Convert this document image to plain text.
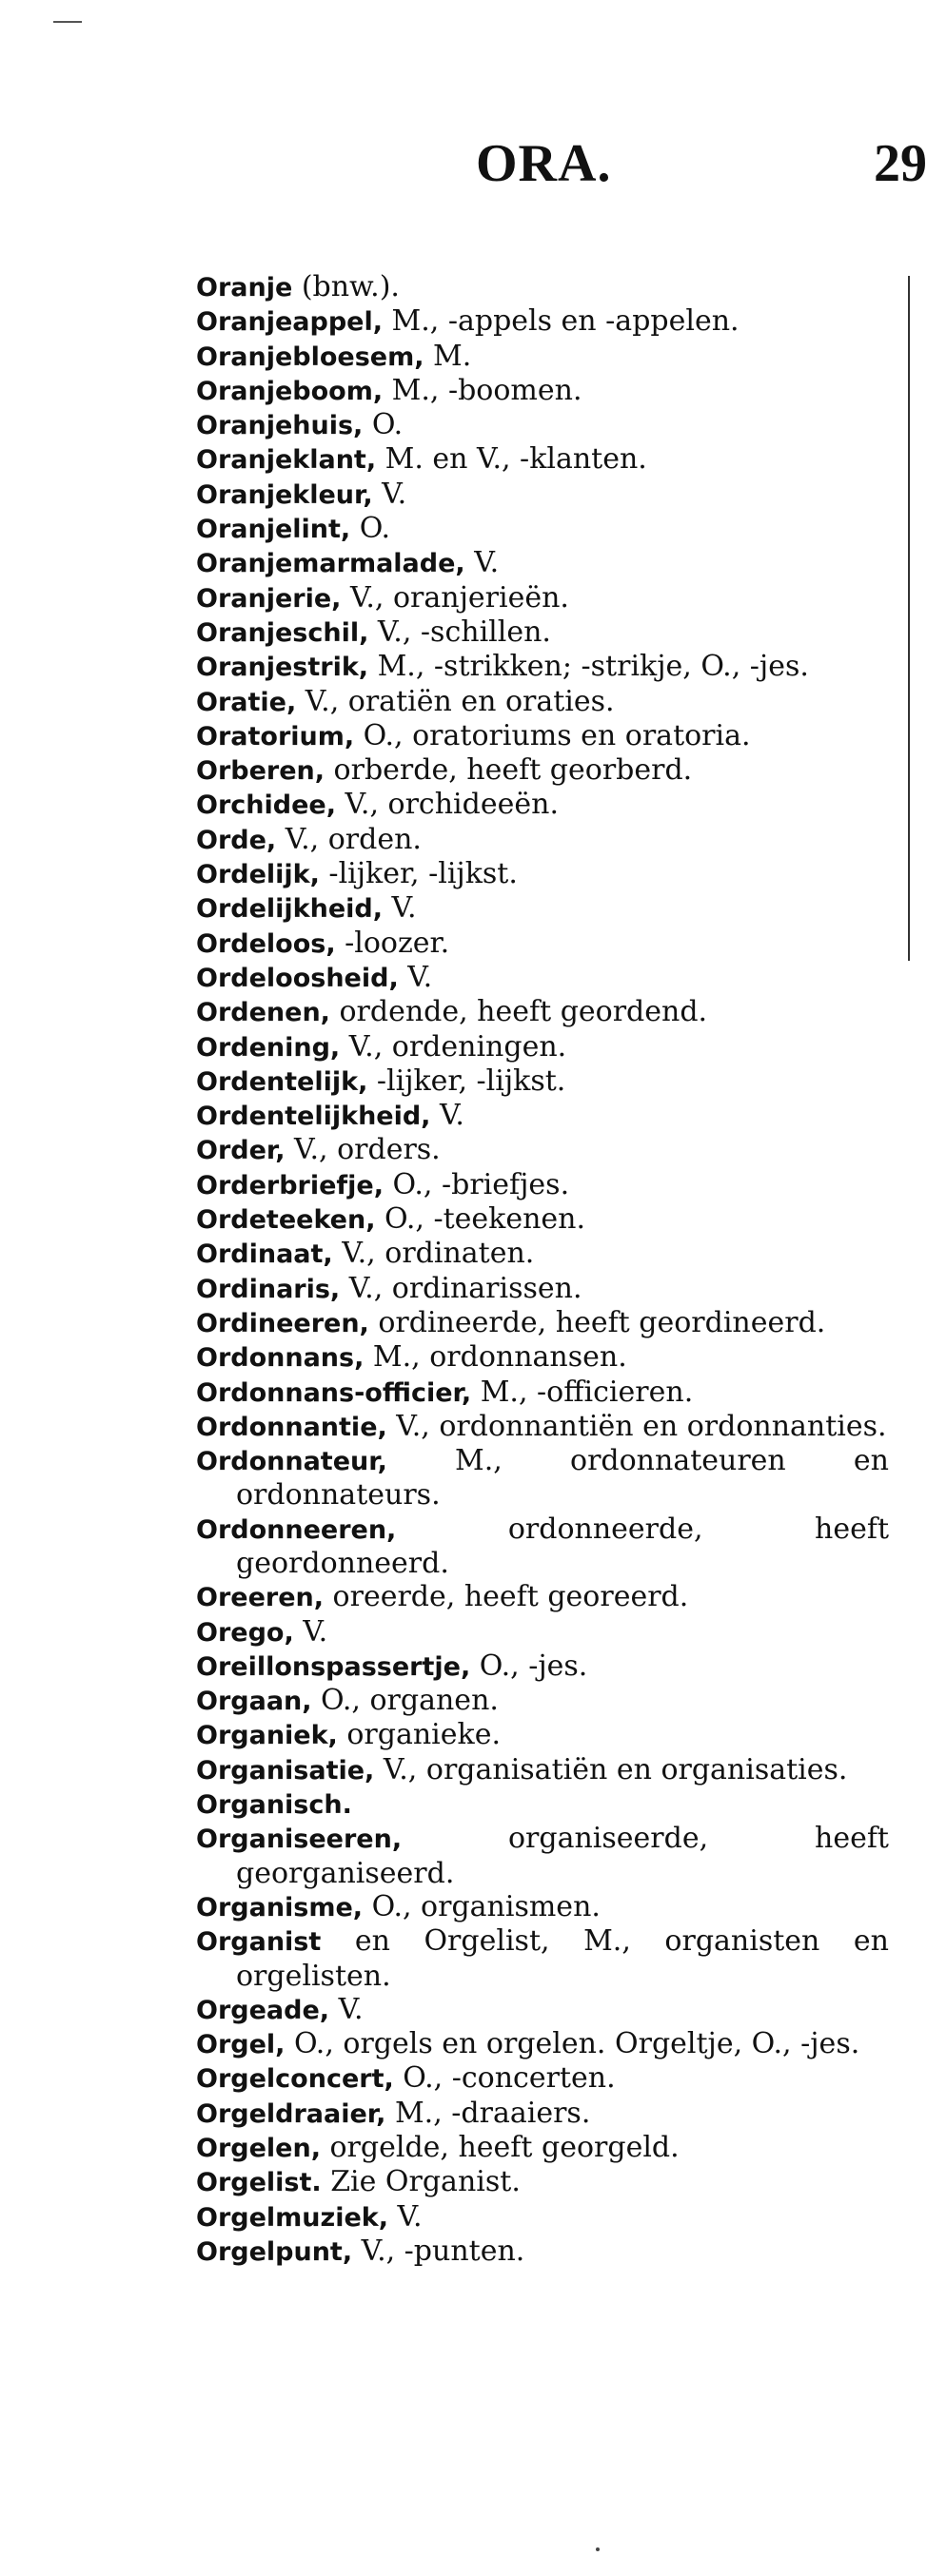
ORA.	29
Oranje (bnw.).
Oranjeappel, M., -appels en -appelen.
Oranjebloesem, M.
Oranjeboom, M., -boomen.
Oranjehuis, O.
Oranjeklant, M. en V., -klanten.
Oranjekleur, V.
Oranjelint, O.
Oranjemarmalade, V.
Oranjerie, V., oranjerieën.
Oranjeschil, V., -schillen.
Oranjestrik, M., -strikken; -strikje, O., -jes.
Oratie, V., oratiën en oraties.
Oratorium, O., oratoriums en oratoria.
Orberen, orberde, heeft georberd.
Orchidee, V., orchideeën.
Orde, V., orden.
Ordelijk, -lijker, -lijkst.
Ordelijkheid, V.
Ordeloos, -loozer.
Ordeloosheid, V.
Ordenen, ordende, heeft geordend.
Ordening, V., ordeningen.
Ordentelijk, -lijker, -lijkst.
Ordentelijkheid, V.
Order, V., orders.
Orderbriefje, O., -briefjes.
Ordeteeken, O., -teekenen.
Ordinaat, V., ordinaten.
Ordinaris, V., ordinarissen.
Ordineeren, ordineerde, heeft geordineerd.
Ordonnans, M., ordonnansen.
Ordonnans-officier, M., -officieren.
Ordonnantie, V., ordonnantiën en ordonnanties.
Ordonnateur, M., ordonnateuren en ordonnateurs.
Ordonneeren, ordonneerde, heeft geordonneerd.
Oreeren, oreerde, heeft georeerd.
Orego, V.
Oreillonspassertje, O., -jes.
Orgaan, O., organen.
Organiek, organieke.
Organisatie, V., organisatiën en organisaties.
Organisch.
Organiseeren, organiseerde, heeft georganiseerd.
Organisme, O., organismen.
Organist en Orgelist, M., organisten en orgelisten.
Orgeade, V.
Orgel, O., orgels en orgelen. Orgeltje, O., -jes.
Orgelconcert, O., -concerten.
Orgeldraaier, M., -draaiers.
Orgelen, orgelde, heeft georgeld.
Orgelist. Zie Organist.
Orgelmuziek, V.
Orgelpunt, V., -punten.
